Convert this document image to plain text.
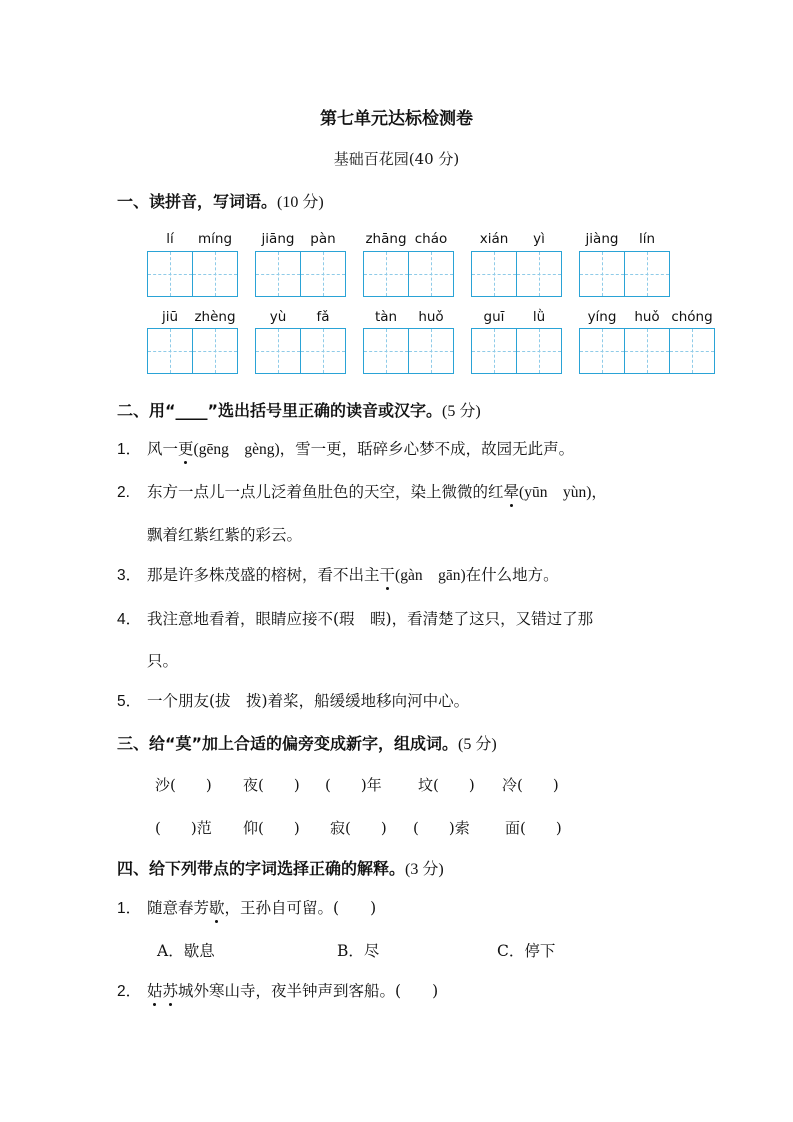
第七单元达标检测卷
基础百花园(40 分)
一、读拼音，写词语。(10 分)
lí	míng	jiāng	pàn	zhāng cháo	xián	yì	jiàng	lín
jiū	zhèng	yù	fǎ	tàn	huǒ	guī	lǜ	yíng	huǒ chóng
二、用“____”选出括号里正确的读音或汉字。(5 分)
1． 风一更(gēng　gèng)，雪一更，聒碎乡心梦不成，故园无此声。
2. 东方一点儿一点儿泛着鱼肚色的天空，染上微微的红晕(yūn　yùn)，
飘着红紫红紫的彩云。
3． 那是许多株茂盛的榕树，看不出主干(gàn　gān)在什么地方。
4． 我注意地看着，眼睛应接不(瑕　暇)，看清楚了这只，又错过了那
只。
5． 一个朋友(拔　拨)着桨，船缓缓地移向河中心。
三、给“莫”加上合适的偏旁变成新字，组成词。(5 分)
沙(　　) 夜(　　) (　　)年 坟(　　) 冷(　　)
(　　)范 仰(　　) 寂(　　) (　　)索 面(　　)
四、给下列带点的字词选择正确的解释。(3 分)
1． 随意春芳歇，王孙自可留。(　　)
A．歇息	B．尽	C．停下
2． 姑苏城外寒山寺，夜半钟声到客船。(　　)
